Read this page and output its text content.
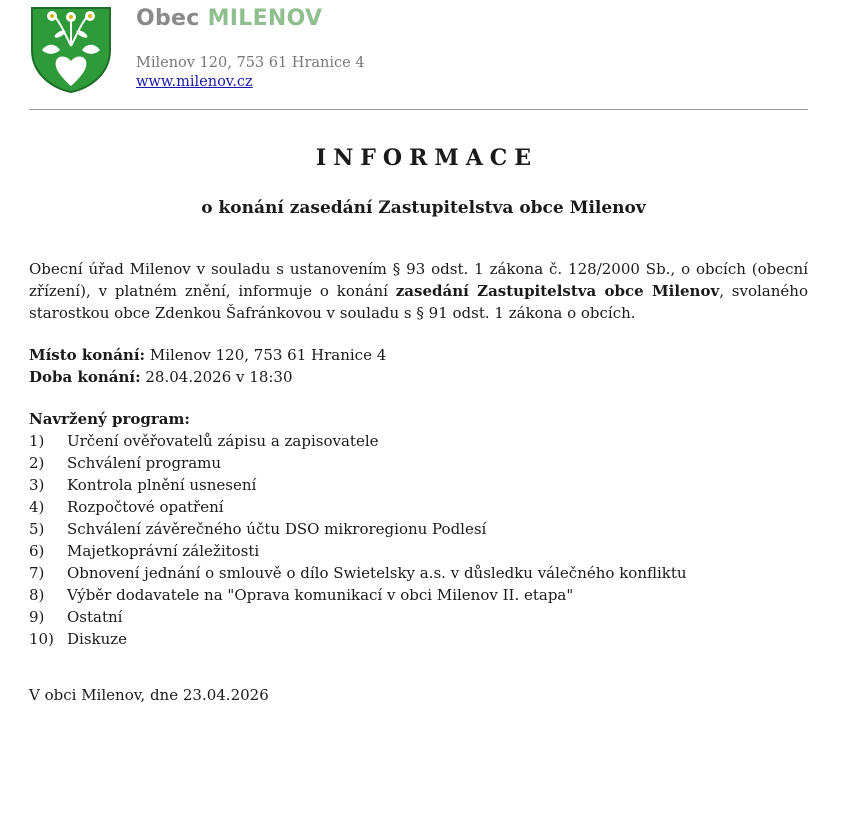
Obec MILENOV
Milenov 120, 753 61 Hranice 4
www.milenov.cz
INFORMACE
o konání zasedání Zastupitelstva obce Milenov

Obecní úřad Milenov v souladu s ustanovením § 93 odst. 1 zákona č. 128/2000 Sb., o obcích (obecní zřízení), v platném znění, informuje o konání zasedání Zastupitelstva obce Milenov, svolaného starostkou obce Zdenkou Šafránkovou v souladu s § 91 odst. 1 zákona o obcích.

Místo konání: Milenov 120, 753 61 Hranice 4
Doba konání: 28.04.2026 v 18:30
Navržený program:
1)	Určení ověřovatelů zápisu a zapisovatele
2)	Schválení programu
3)	Kontrola plnění usnesení
4)	Rozpočtové opatření
5)	Schválení závěrečného účtu DSO mikroregionu Podlesí
6)	Majetkoprávní záležitosti
7)	Obnovení jednání o smlouvě o dílo Swietelsky a.s. v důsledku válečného konfliktu
8)	Výběr dodavatele na "Oprava komunikací v obci Milenov II. etapa"
9)	Ostatní
10) Diskuze
V obci Milenov, dne 23.04.2026
